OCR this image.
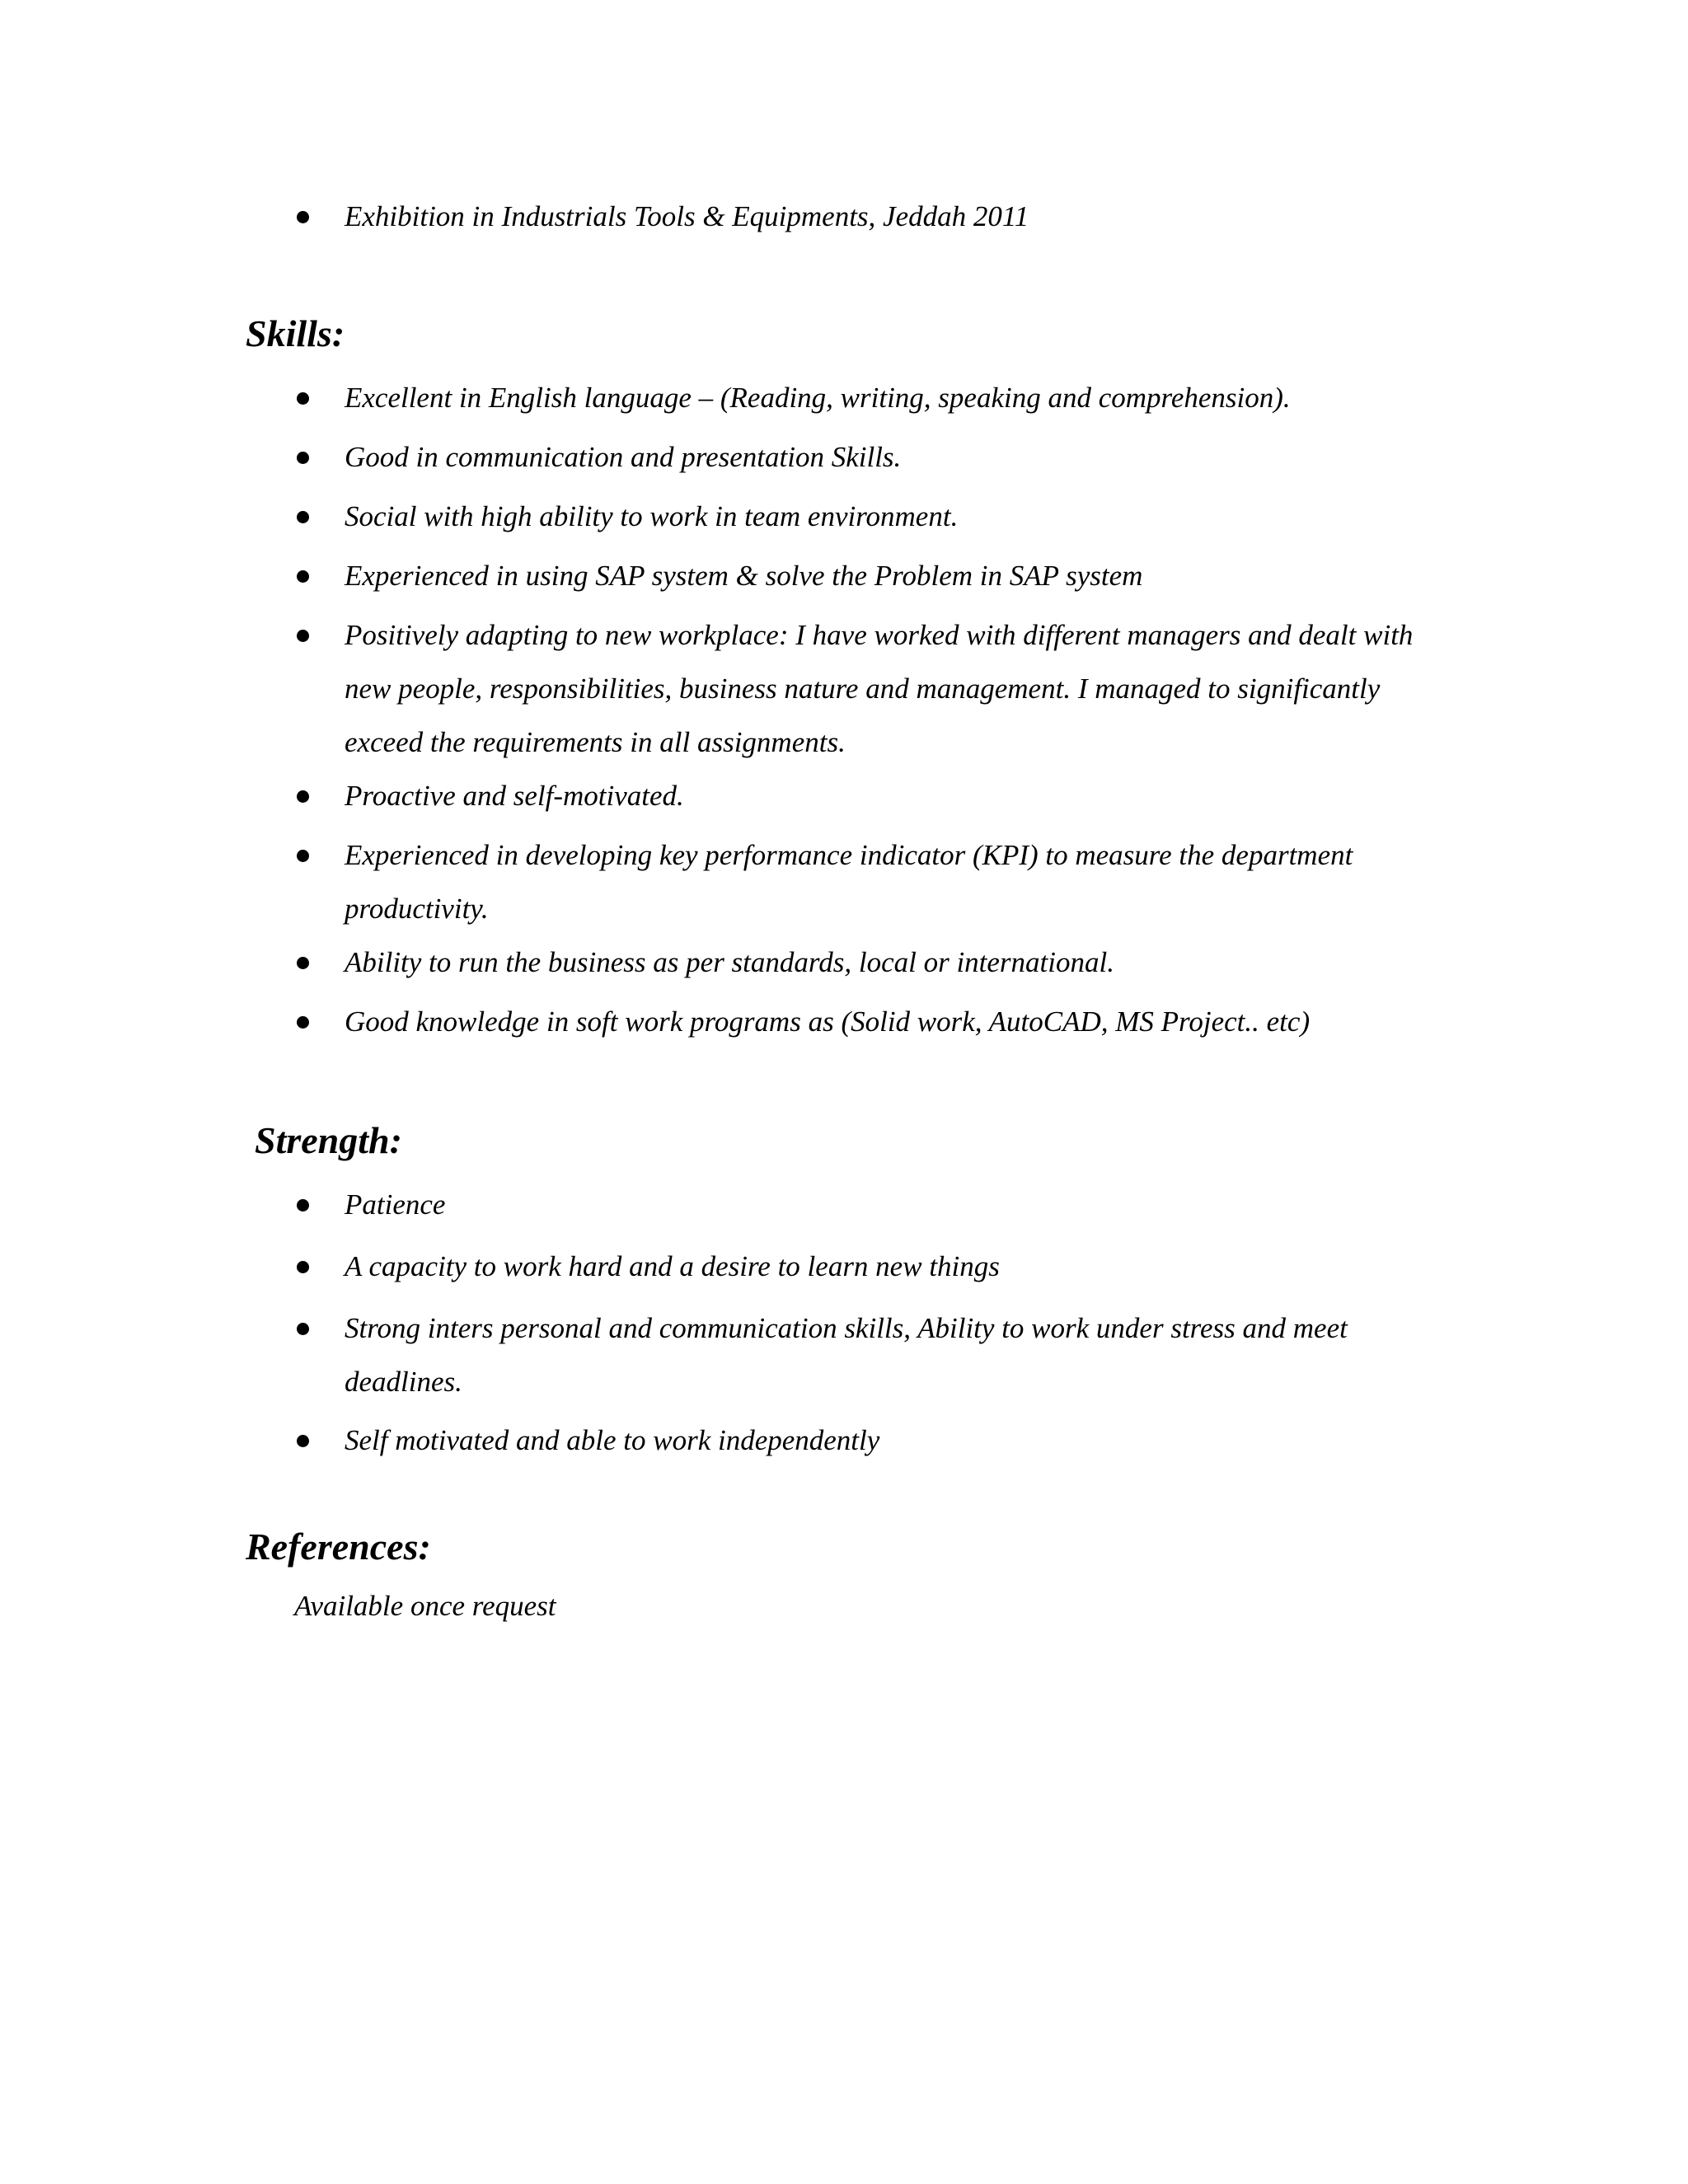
Exhibition in Industrials Tools & Equipments, Jeddah 2011
Skills:
Excellent in English language – (Reading, writing, speaking and comprehension).
Good in communication and presentation Skills.
Social with high ability to work in team environment.
Experienced in using SAP system & solve the Problem in SAP system
Positively adapting to new workplace: I have worked with different managers and dealt with new people, responsibilities, business nature and management. I managed to significantly exceed the requirements in all assignments.
Proactive and self-motivated.
Experienced in developing key performance indicator (KPI) to measure the department productivity.
Ability to run the business as per standards, local or international.
Good knowledge in soft work programs as (Solid work, AutoCAD, MS Project.. etc)
Strength:
Patience
A capacity to work hard and a desire to learn new things
Strong inters personal and communication skills, Ability to work under stress and meet deadlines.
Self motivated and able to work independently
References:
Available once request
